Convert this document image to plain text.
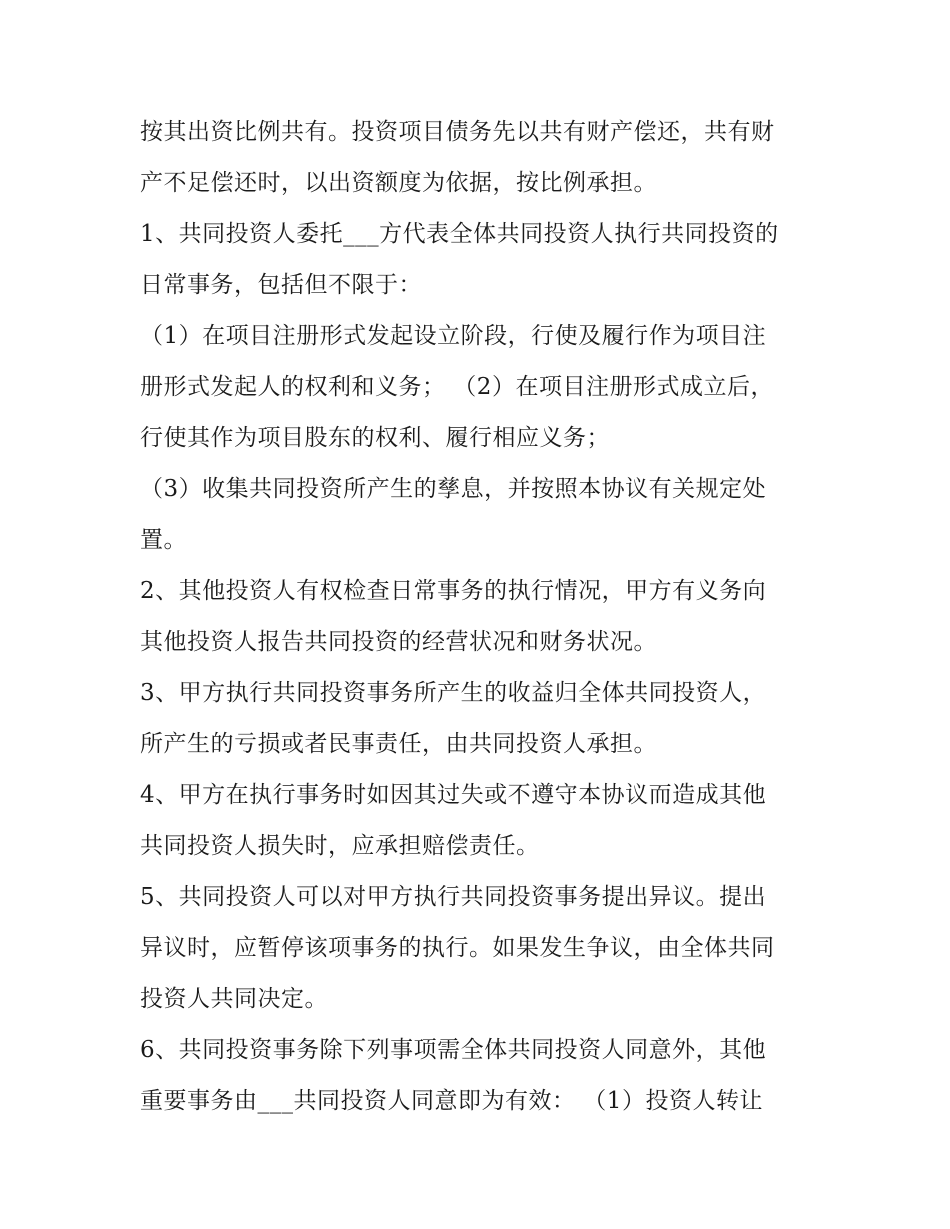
按其出资比例共有。投资项目债务先以共有财产偿还，共有财
产不足偿还时，以出资额度为依据，按比例承担。
1、共同投资人委托___方代表全体共同投资人执行共同投资的
日常事务，包括但不限于：
（1）在项目注册形式发起设立阶段，行使及履行作为项目注
册形式发起人的权利和义务； （2）在项目注册形式成立后，
行使其作为项目股东的权利、履行相应义务；
（3）收集共同投资所产生的孳息，并按照本协议有关规定处
置。
2、其他投资人有权检查日常事务的执行情况，甲方有义务向
其他投资人报告共同投资的经营状况和财务状况。
3、甲方执行共同投资事务所产生的收益归全体共同投资人，
所产生的亏损或者民事责任，由共同投资人承担。
4、甲方在执行事务时如因其过失或不遵守本协议而造成其他
共同投资人损失时，应承担赔偿责任。
5、共同投资人可以对甲方执行共同投资事务提出异议。提出
异议时，应暂停该项事务的执行。如果发生争议，由全体共同
投资人共同决定。
6、共同投资事务除下列事项需全体共同投资人同意外，其他
重要事务由___共同投资人同意即为有效： （1）投资人转让
